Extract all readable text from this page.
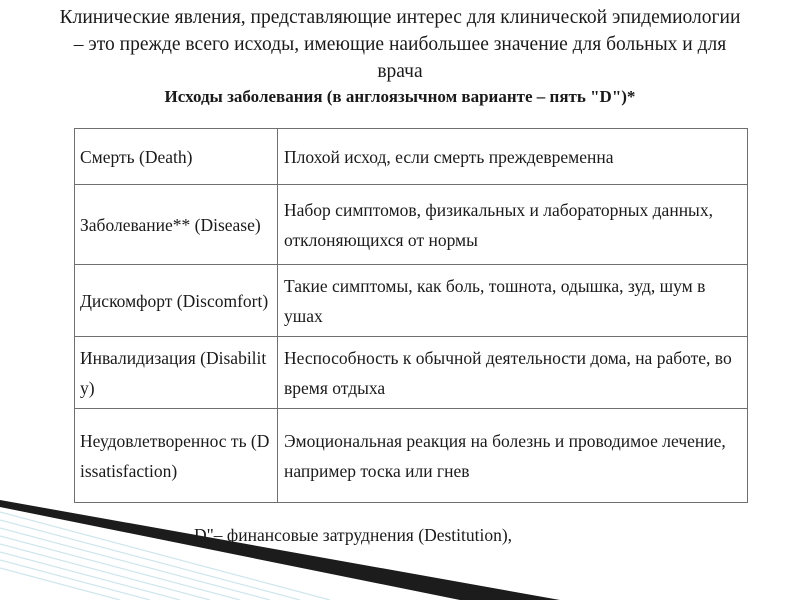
Клинические явления, представляющие интерес для клинической эпидемиологии
– это прежде всего исходы, имеющие наибольшее значение для больных и для
врача
Исходы заболевания (в англоязычном варианте – пять "D")*
Смерть (Death)	Плохой исход, если смерть преждевременна
Заболевание** (Disease)	Набор симптомов, физикальных и лабораторных данных, отклоняющихся от нормы
Дискомфорт (Discomfort)	Такие симптомы, как боль, тошнота, одышка, зуд, шум в ушах
Инвалидизация (Disability)	Неспособность к обычной деятельности дома, на работе, во время отдыха
Неудовлетвореннос ть (Dissatisfaction)	Эмоциональная реакция на болезнь и проводимое лечение, например тоска или гнев
D"– финансовые затруднения (Destitution),
